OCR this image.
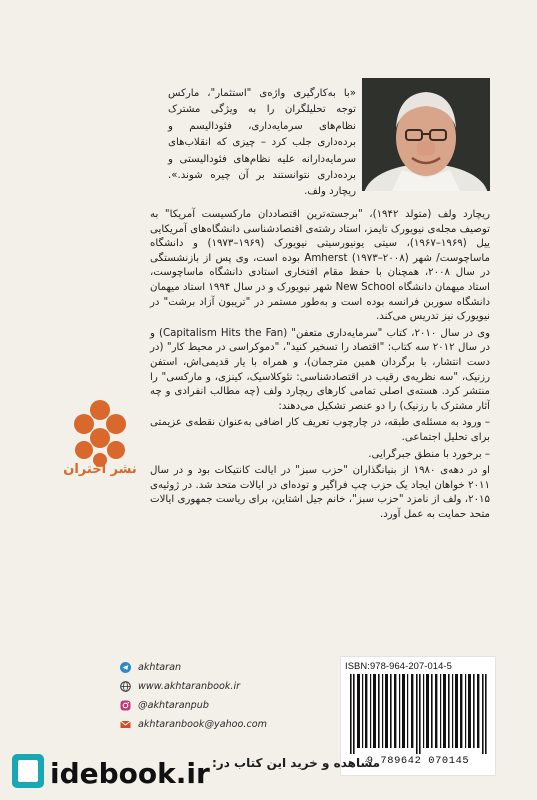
«با به‌کارگیری واژه‌ی "استثمار"، مارکس توجه تحلیلگران را به ویژگی مشترک نظام‌های سرمایه‌داری، فئودالیسم و برده‌داری جلب کرد – چیزی که انقلاب‌های سرمایه‌دارانه علیه نظام‌های فئودالیستی و برده‌داری نتوانستند بر آن چیره شوند.». ریچارد ولف.

ریچارد ولف (متولد ۱۹۴۲)، "برجسته‌ترین اقتصاددان مارکسیست آمریکا" به توصیف مجله‌ی نیویورک تایمز، استاد رشته‌ی اقتصادشناسی دانشگاه‌های آمریکایی ییل (۱۹۶۹–۱۹۶۷)، سیتی یونیورسیتی نیویورک (۱۹۶۹–۱۹۷۳) و دانشگاه ماساچوست/ شهر Amherst (۱۹۷۳–۲۰۰۸) بوده است، وی پس از بازنشستگی در سال ۲۰۰۸، همچنان با حفظ مقام افتخاری استادی دانشگاه ماساچوست، استاد میهمان دانشگاه New School شهر نیویورک و در سال ۱۹۹۴ استاد میهمان دانشگاه سوربن فرانسه بوده است و به‌طور مستمر در "تریبون آزاد برشت" در نیویورک نیز تدریس می‌کند.

وی در سال ۲۰۱۰، کتاب "سرمایه‌داری متعفن" (Capitalism Hits the Fan) و در سال ۲۰۱۲ سه کتاب: "اقتصاد را تسخیر کنید"، "دموکراسی در محیط کار" (در دست انتشار، با برگردان همین مترجمان)، و همراه با یار قدیمی‌اش، استفن رزنیک، "سه نظریه‌ی رقیب در اقتصادشناسی: نئوکلاسیک، کینزی، و مارکسی" را منتشر کرد. هسته‌ی اصلی تمامی کارهای ریچارد ولف (چه مطالب انفرادی و چه آثار مشترک با رزنیک) را دو عنصر تشکیل می‌دهند:

– ورود به مسئله‌ی طبقه، در چارچوب تعریف کار اضافی به‌عنوان نقطه‌ی عزیمتی برای تحلیل اجتماعی.

– برخورد با منطق جبرگرایی.

او در دهه‌ی ۱۹۸۰ از بنیانگذاران "حزب سبز" در ایالت کانتیکات بود و در سال ۲۰۱۱ خواهان ایجاد یک حزب چپ فراگیر و توده‌ای در ایالات متحد شد. در ژوئیه‌ی ۲۰۱۵، ولف از نامزد "حزب سبز"، خانم جیل اشتاین، برای ریاست جمهوری ایالات متحد حمایت به عمل آورد.

نشر اختران
akhtaran
www.akhtaranbook.ir
@akhtaranpub
akhtaranbook@yahoo.com
ISBN:978-964-207-014-5
9 789642 070145
idebook.ir مشاهده و خرید این کتاب در:
